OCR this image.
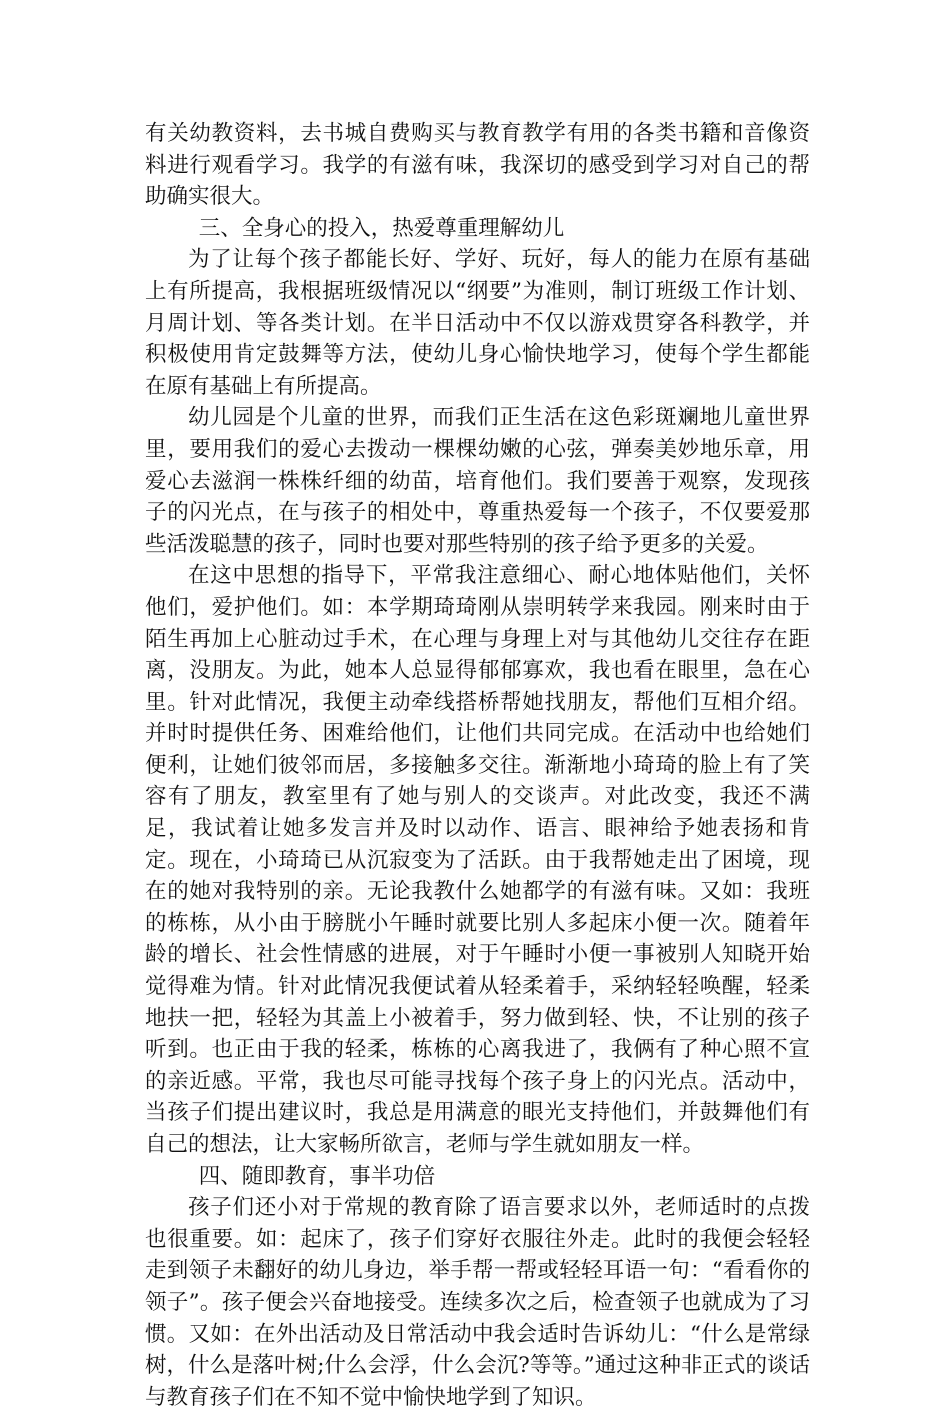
有关幼教资料，去书城自费购买与教育教学有用的各类书籍和音像资料进行观看学习。我学的有滋有味，我深切的感受到学习对自己的帮助确实很大。

三、全身心的投入，热爱尊重理解幼儿

为了让每个孩子都能长好、学好、玩好，每人的能力在原有基础上有所提高，我根据班级情况以“纲要”为准则，制订班级工作计划、月周计划、等各类计划。在半日活动中不仅以游戏贯穿各科教学，并积极使用肯定鼓舞等方法，使幼儿身心愉快地学习，使每个学生都能在原有基础上有所提高。

幼儿园是个儿童的世界，而我们正生活在这色彩斑斓地儿童世界里，要用我们的爱心去拨动一棵棵幼嫩的心弦，弹奏美妙地乐章，用爱心去滋润一株株纤细的幼苗，培育他们。我们要善于观察，发现孩子的闪光点，在与孩子的相处中，尊重热爱每一个孩子，不仅要爱那些活泼聪慧的孩子，同时也要对那些特别的孩子给予更多的关爱。

在这中思想的指导下，平常我注意细心、耐心地体贴他们，关怀他们，爱护他们。如：本学期琦琦刚从崇明转学来我园。刚来时由于陌生再加上心脏动过手术，在心理与身理上对与其他幼儿交往存在距离，没朋友。为此，她本人总显得郁郁寡欢，我也看在眼里，急在心里。针对此情况，我便主动牵线搭桥帮她找朋友，帮他们互相介绍。并时时提供任务、困难给他们，让他们共同完成。在活动中也给她们便利，让她们彼邻而居，多接触多交往。渐渐地小琦琦的脸上有了笑容有了朋友，教室里有了她与别人的交谈声。对此改变，我还不满足，我试着让她多发言并及时以动作、语言、眼神给予她表扬和肯定。现在，小琦琦已从沉寂变为了活跃。由于我帮她走出了困境，现在的她对我特别的亲。无论我教什么她都学的有滋有味。又如：我班的栋栋，从小由于膀胱小午睡时就要比别人多起床小便一次。随着年龄的增长、社会性情感的进展，对于午睡时小便一事被别人知晓开始觉得难为情。针对此情况我便试着从轻柔着手，采纳轻轻唤醒，轻柔地扶一把，轻轻为其盖上小被着手，努力做到轻、快，不让别的孩子听到。也正由于我的轻柔，栋栋的心离我进了，我俩有了种心照不宣的亲近感。平常，我也尽可能寻找每个孩子身上的闪光点。活动中，当孩子们提出建议时，我总是用满意的眼光支持他们，并鼓舞他们有自己的想法，让大家畅所欲言，老师与学生就如朋友一样。

四、随即教育，事半功倍

孩子们还小对于常规的教育除了语言要求以外，老师适时的点拨也很重要。如：起床了，孩子们穿好衣服往外走。此时的我便会轻轻走到领子未翻好的幼儿身边，举手帮一帮或轻轻耳语一句：“看看你的领子”。孩子便会兴奋地接受。连续多次之后，检查领子也就成为了习惯。又如：在外出活动及日常活动中我会适时告诉幼儿：“什么是常绿树，什么是落叶树;什么会浮，什么会沉?等等。”通过这种非正式的谈话与教育孩子们在不知不觉中愉快地学到了知识。
